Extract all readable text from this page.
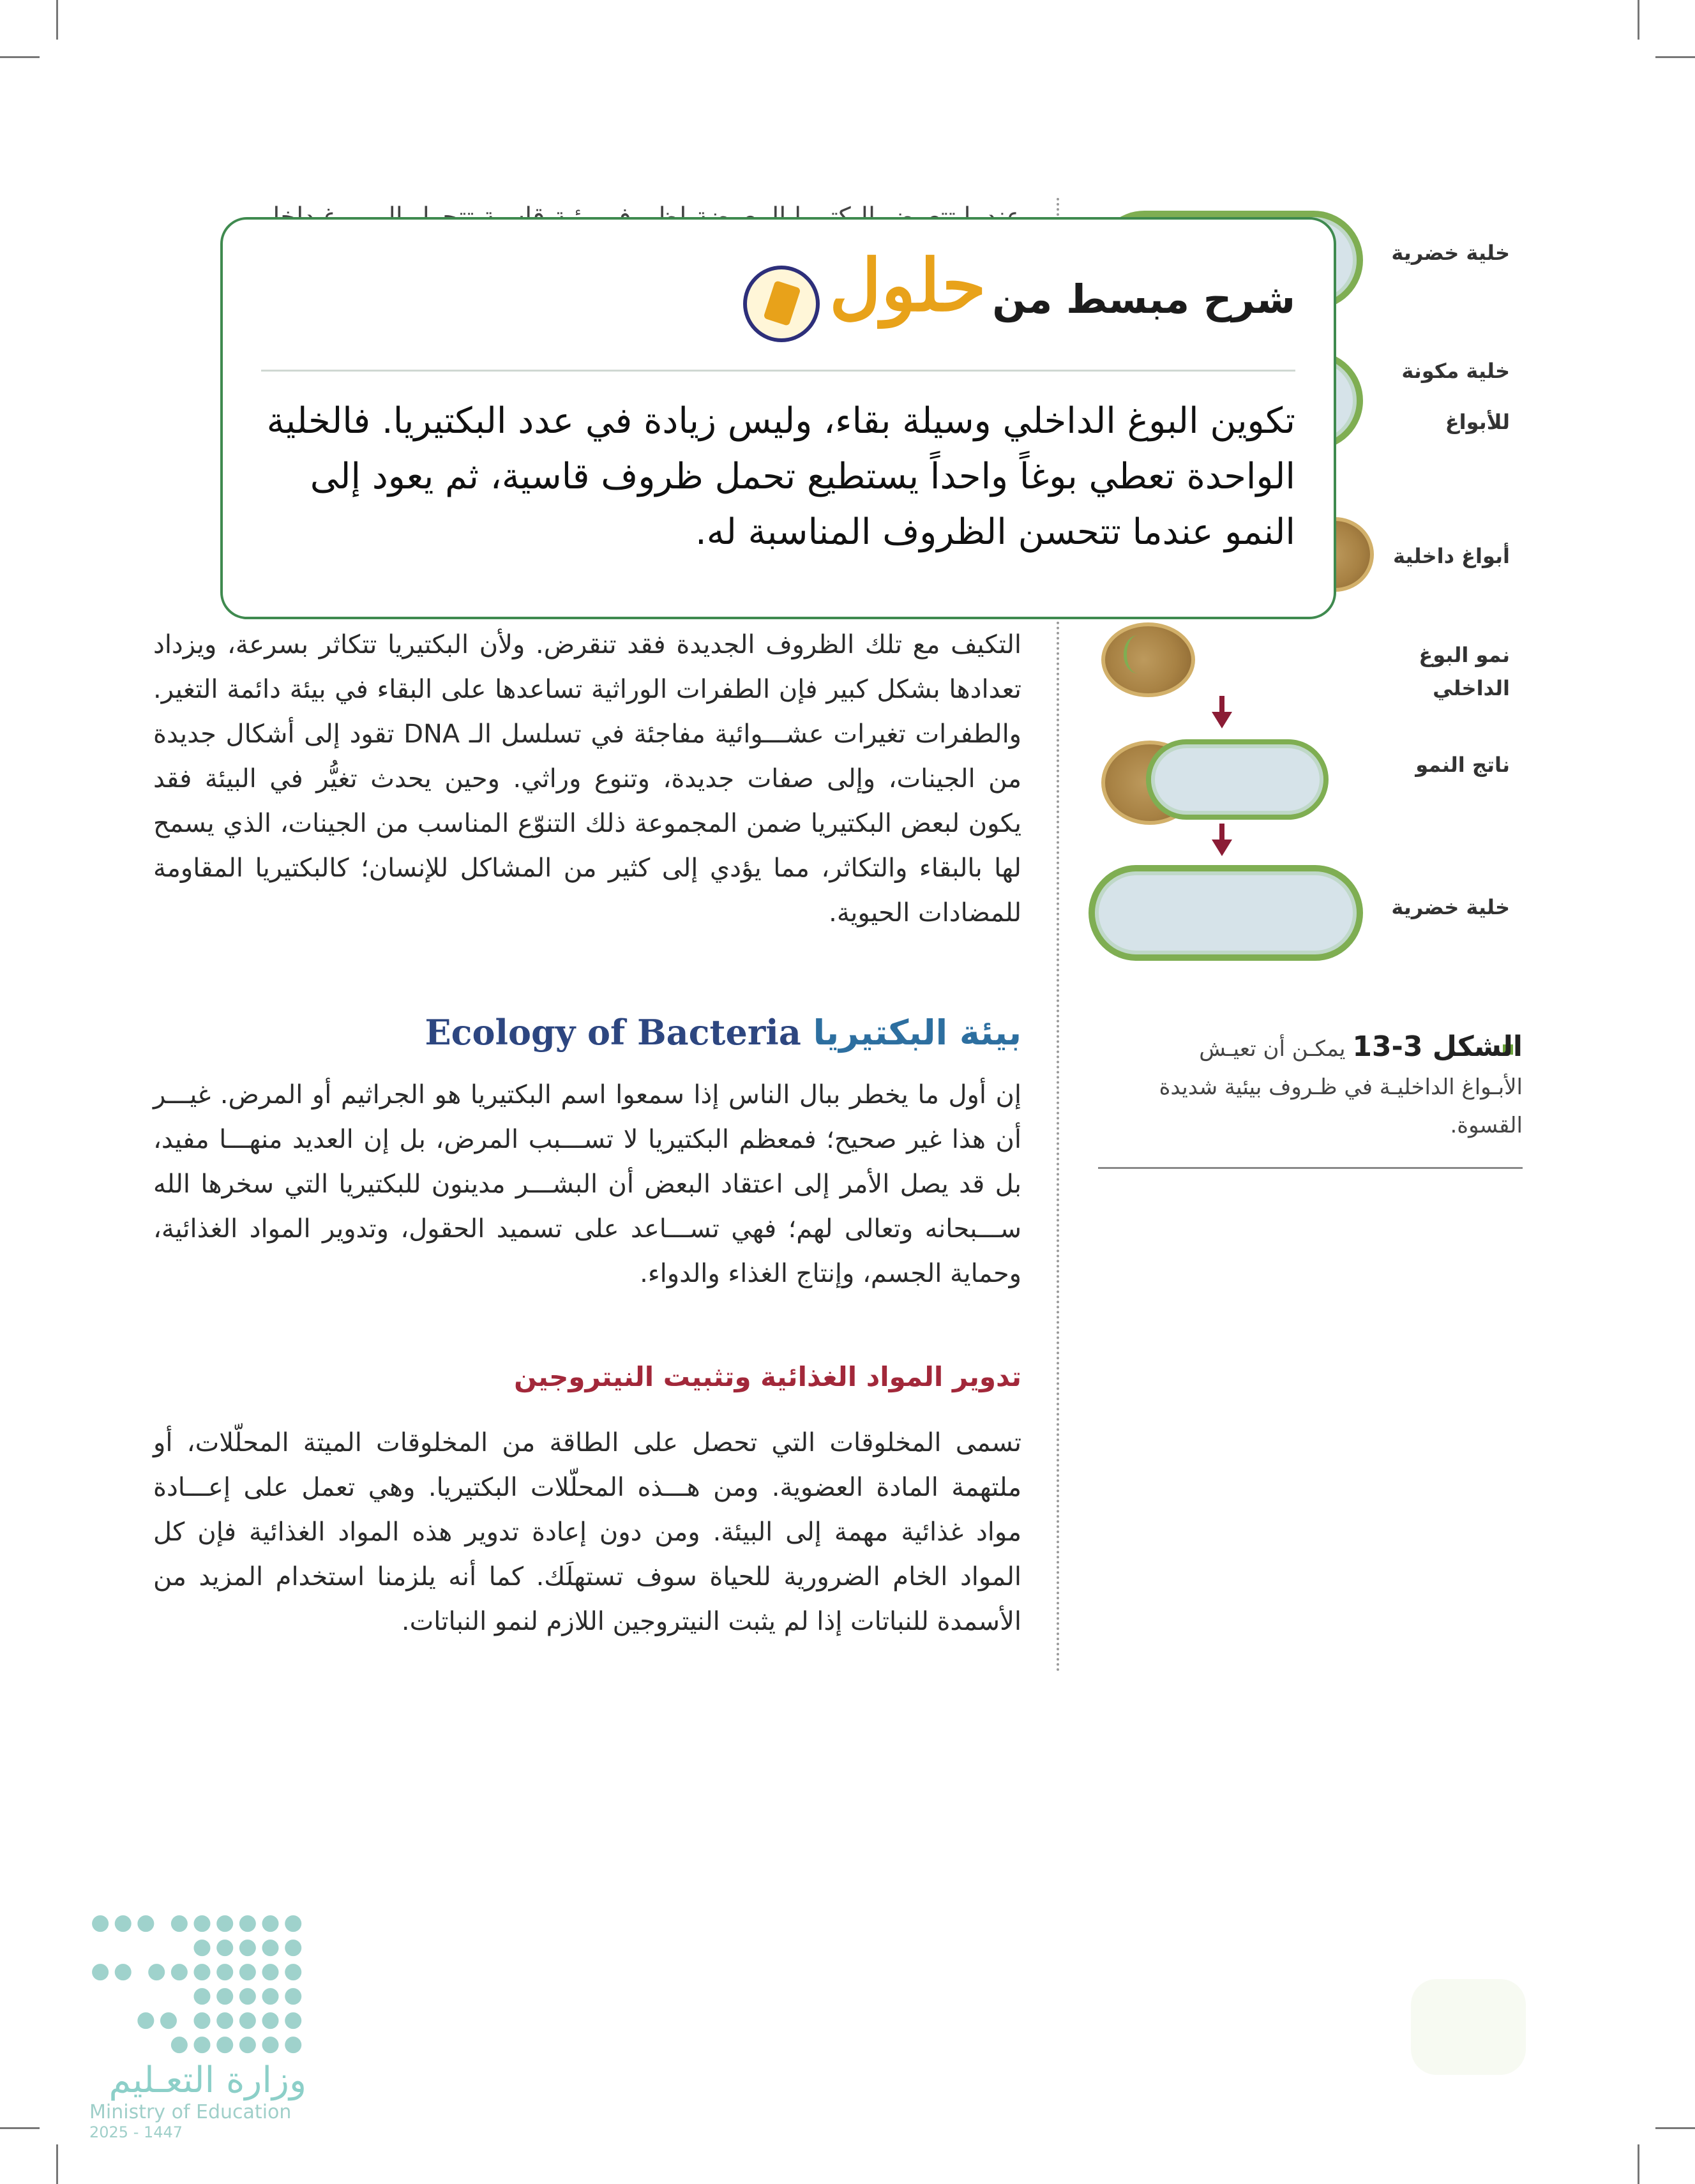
التكيف مع تلك الظروف الجديدة فقد تنقرض. ولأن البكتيريا تتكاثر بسرعة، ويزداد تعدادها بشكل كبير فإن الطفرات الوراثية تساعدها على البقاء في بيئة دائمة التغير. والطفرات تغيرات عشـــوائية مفاجئة في تسلسل الـ DNA تقود إلى أشكال جديدة من الجينات، وإلى صفات جديدة، وتنوع وراثي. وحين يحدث تغيُّر في البيئة فقد يكون لبعض البكتيريا ضمن المجموعة ذلك التنوّع المناسب من الجينات، الذي يسمح لها بالبقاء والتكاثر، مما يؤدي إلى كثير من المشاكل للإنسان؛ كالبكتيريا المقاومة للمضادات الحيوية.
بيئة البكتيريا Ecology of Bacteria
إن أول ما يخطر ببال الناس إذا سمعوا اسم البكتيريا هو الجراثيم أو المرض. غيـــر أن هذا غير صحيح؛ فمعظم البكتيريا لا تســـبب المرض، بل إن العديد منهـــا مفيد، بل قد يصل الأمر إلى اعتقاد البعض أن البشـــر مدينون للبكتيريا التي سخرها الله ســـبحانه وتعالى لهم؛ فهي تســـاعد على تسميد الحقول، وتدوير المواد الغذائية، وحماية الجسم، وإنتاج الغذاء والدواء.
تدوير المواد الغذائية وتثبيت النيتروجين
تسمى المخلوقات التي تحصل على الطاقة من المخلوقات الميتة المحلّلات، أو ملتهمة المادة العضوية. ومن هـــذه المحلّلات البكتيريا. وهي تعمل على إعـــادة مواد غذائية مهمة إلى البيئة. ومن دون إعادة تدوير هذه المواد الغذائية فإن كل المواد الخام الضرورية للحياة سوف تستهلَك. كما أنه يلزمنا استخدام المزيد من الأسمدة للنباتات إذا لم يثبت النيتروجين اللازم لنمو النباتات.
خلية خضرية
خلية مكونة
للأبواغ
أبواغ داخلية
نمو البوغ الداخلي
ناتج النمو
خلية خضرية
الشكل 3-13 يمكـن أن تعيـش الأبـواغ الداخليـة في ظـروف بيئية شديدة القسوة.
شرح مبسط من
حلول
تكوين البوغ الداخلي وسيلة بقاء، وليس زيادة في عدد البكتيريا. فالخلية الواحدة تعطي بوغاً واحداً يستطيع تحمل ظروف قاسية، ثم يعود إلى النمو عندما تتحسن الظروف المناسبة له.
●●●●●● ●●● ●●●●●
●●●●●●● ●● ●●●●●
●●●●● ●● ●●●●●●
وزارة التعـليم
Ministry of Education
2025 - 1447
